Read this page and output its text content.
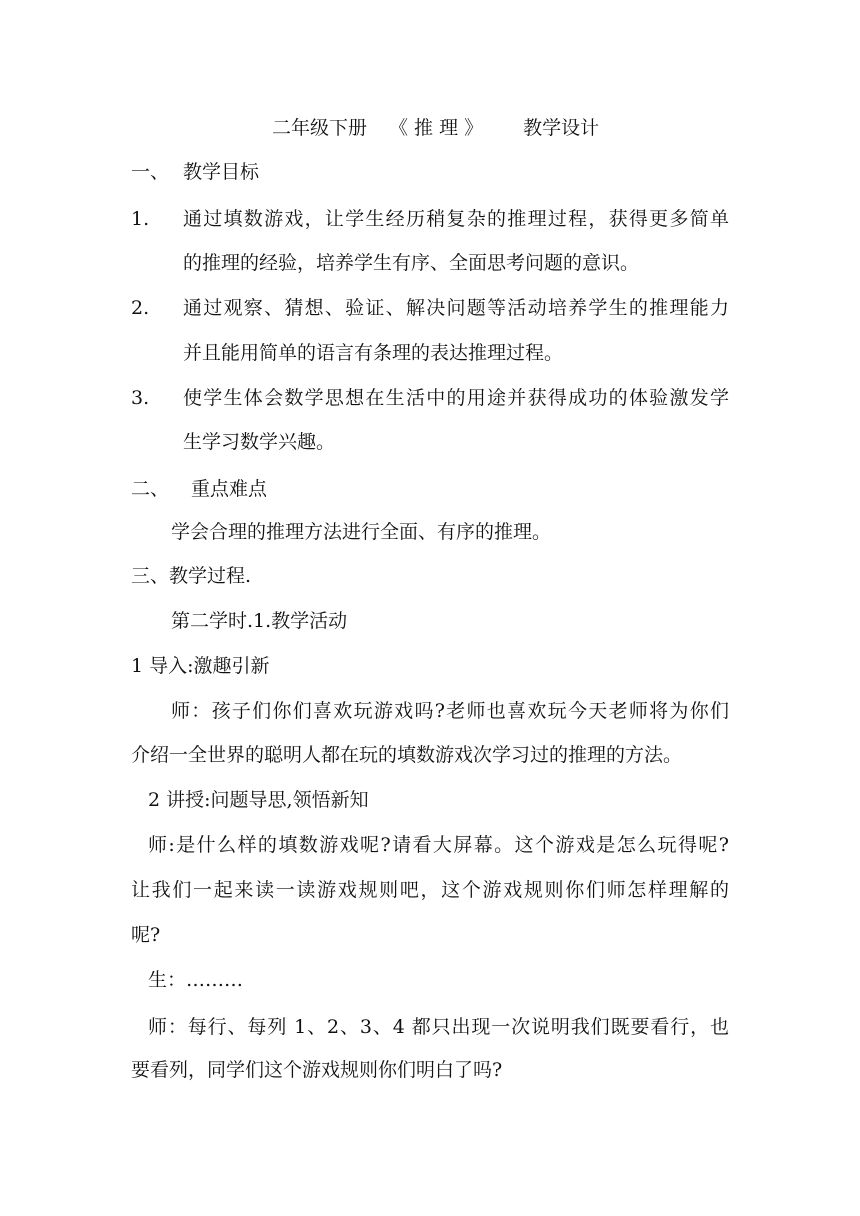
二年级下册 《 推 理 》 教学设计
一、 教学目标
1. 通过填数游戏，让学生经历稍复杂的推理过程，获得更多简单
的推理的经验，培养学生有序、全面思考问题的意识。
2. 通过观察、猜想、验证、解决问题等活动培养学生的推理能力
并且能用简单的语言有条理的表达推理过程。
3. 使学生体会数学思想在生活中的用途并获得成功的体验激发学
生学习数学兴趣。
二、 重点难点
学会合理的推理方法进行全面、有序的推理。
三、教学过程.
第二学时.1.教学活动
1 导入:激趣引新
师：孩子们你们喜欢玩游戏吗?老师也喜欢玩今天老师将为你们
介绍一全世界的聪明人都在玩的填数游戏次学习过的推理的方法。
2 讲授:问题导思,领悟新知
师:是什么样的填数游戏呢?请看大屏幕。这个游戏是怎么玩得呢?
让我们一起来读一读游戏规则吧，这个游戏规则你们师怎样理解的
呢?
生：………
师：每行、每列 1、2、3、4 都只出现一次说明我们既要看行，也
要看列，同学们这个游戏规则你们明白了吗?
